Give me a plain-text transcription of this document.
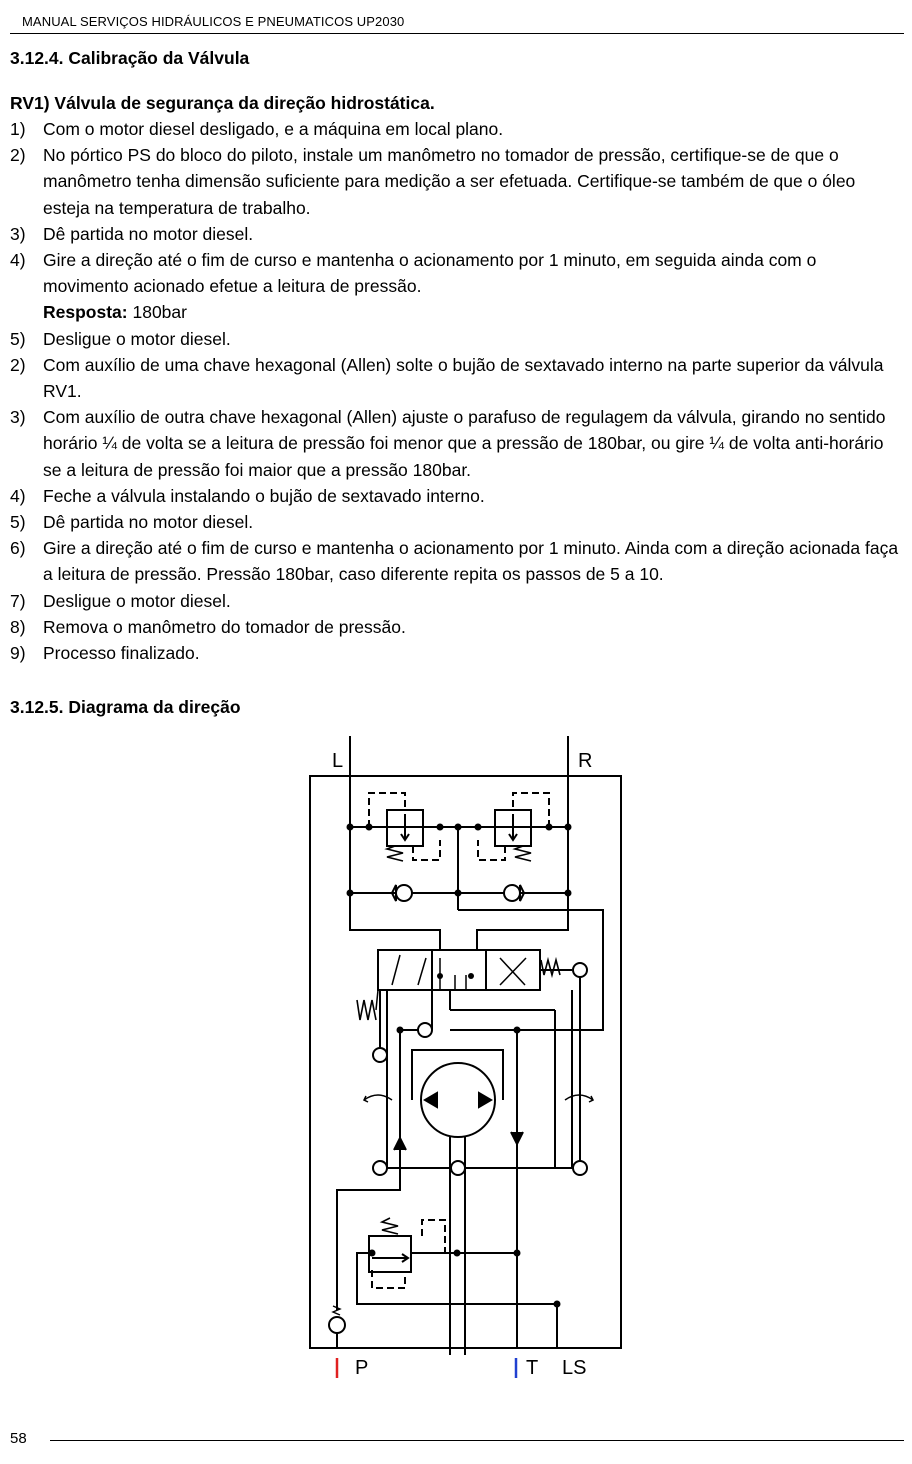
MANUAL SERVIÇOS HIDRÁULICOS E PNEUMATICOS UP2030
3.12.4. Calibração da Válvula
RV1) Válvula de segurança da direção hidrostática.
1) Com o motor diesel desligado, e a máquina em local plano.
2) No pórtico PS do bloco do piloto, instale um manômetro no tomador de pressão, certifique-se de que o manômetro tenha dimensão suficiente para medição a ser efetuada. Certifique-se também de que o óleo esteja na temperatura de trabalho.
3) Dê partida no motor diesel.
4) Gire a direção até o fim de curso e mantenha o acionamento por 1 minuto, em seguida ainda com o movimento acionado efetue a leitura de pressão.
Resposta: 180bar
5) Desligue o motor diesel.
2) Com auxílio de uma chave hexagonal (Allen) solte o bujão de sextavado interno na parte superior da válvula RV1.
3) Com auxílio de outra chave hexagonal (Allen) ajuste o parafuso de regulagem da válvula, girando no sentido horário ¼ de volta se a leitura de pressão foi menor que a pressão de 180bar, ou gire ¼ de volta anti-horário se a leitura de pressão foi maior que a pressão 180bar.
4) Feche a válvula instalando o bujão de sextavado interno.
5) Dê partida no motor diesel.
6) Gire a direção até o fim de curso e mantenha o acionamento por 1 minuto. Ainda com a direção acionada faça a leitura de pressão. Pressão 180bar, caso diferente repita os passos de 5 a 10.
7) Desligue o motor diesel.
8) Remova o manômetro do tomador de pressão.
9) Processo finalizado.
3.12.5. Diagrama da direção
L	R
P	T LS
58
